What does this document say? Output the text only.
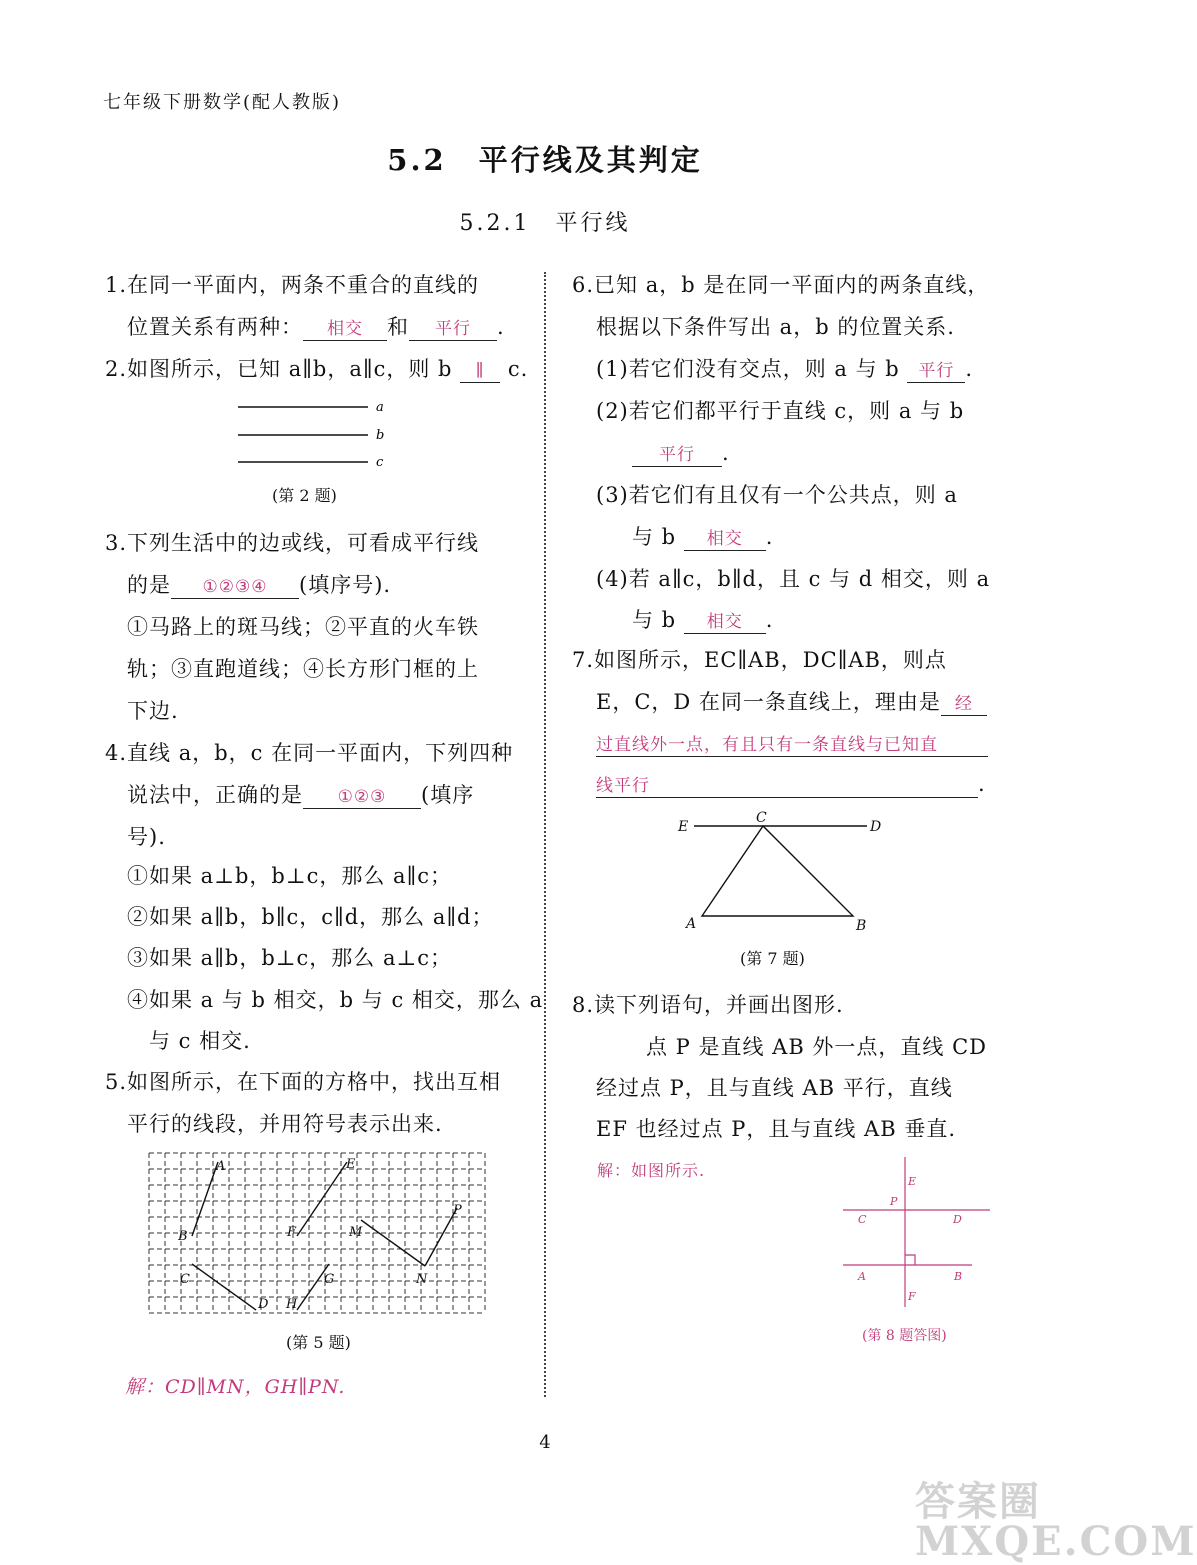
七年级下册数学(配人教版)
5.2　平行线及其判定
5.2.1　平行线
1.在同一平面内，两条不重合的直线的
位置关系有两种： 相交 和 平行 .
2.如图所示，已知 a∥b，a∥c，则 b ∥ c.
a
b
c
(第 2 题)
3.下列生活中的边或线，可看成平行线
的是 ①②③④ (填序号).
①马路上的斑马线；②平直的火车铁
轨；③直跑道线；④长方形门框的上
下边.
4.直线 a，b，c 在同一平面内，下列四种
说法中，正确的是 ①②③ (填序
号).
①如果 a⊥b，b⊥c，那么 a∥c；
②如果 a∥b，b∥c，c∥d，那么 a∥d；
③如果 a∥b，b⊥c，那么 a⊥c；
④如果 a 与 b 相交，b 与 c 相交，那么 a
与 c 相交.
5.如图所示，在下面的方格中，找出互相
平行的线段，并用符号表示出来.
A	E
B	F	M
P
C	G	N
D H
(第 5 题)
解：CD∥MN，GH∥PN.
6.已知 a，b 是在同一平面内的两条直线，
根据以下条件写出 a，b 的位置关系.
(1)若它们没有交点，则 a 与 b 平行 .
(2)若它们都平行于直线 c，则 a 与 b
平行 .
(3)若它们有且仅有一个公共点，则 a
与 b 相交 .
(4)若 a∥c，b∥d，且 c 与 d 相交，则 a
与 b 相交 .
7.如图所示，EC∥AB，DC∥AB，则点
E，C，D 在同一条直线上，理由是 经
过直线外一点，有且只有一条直线与已知直
线平行	.
E
C
D
A	B
(第 7 题)
8.读下列语句，并画出图形.
点 P 是直线 AB 外一点，直线 CD
经过点 P，且与直线 AB 平行，直线
EF 也经过点 P，且与直线 AB 垂直.
解：如图所示.
E
P
C	D
A	B
F
(第 8 题答图)
4
答案圈 MXQE.COM
